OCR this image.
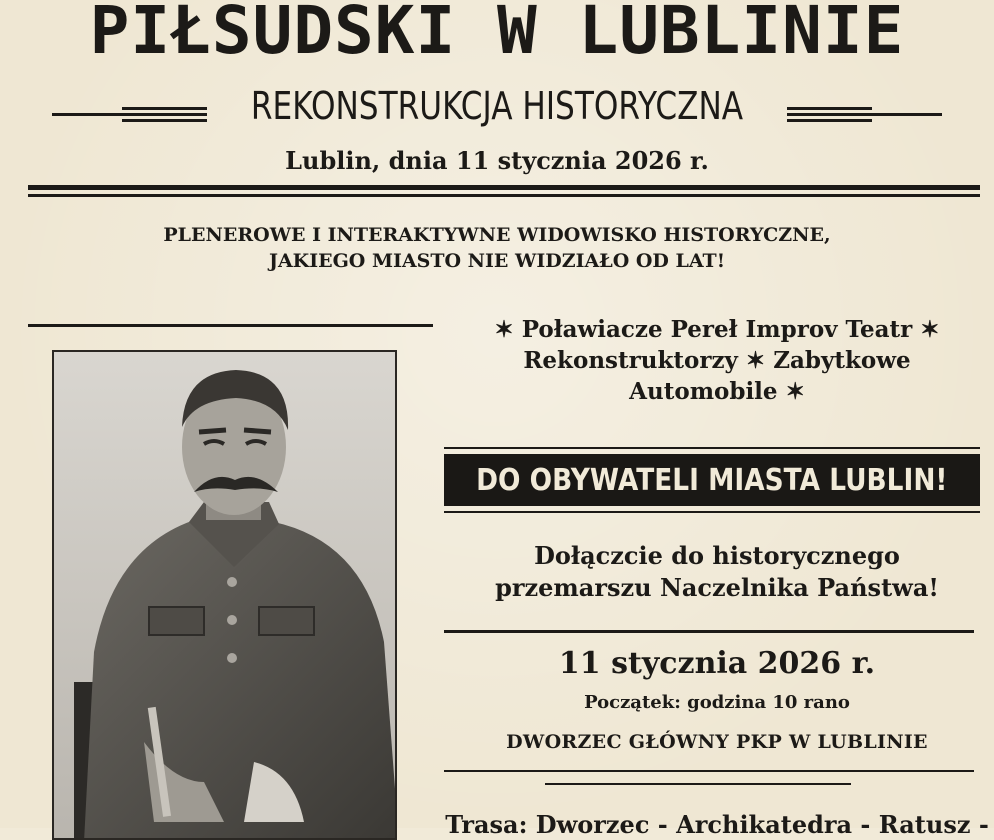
PIŁSUDSKI W LUBLINIE
REKONSTRUKCJA HISTORYCZNA
Lublin, dnia 11 stycznia 2026 r.
PLENEROWE I INTERAKTYWNE WIDOWISKO HISTORYCZNE,
JAKIEGO MIASTO NIE WIDZIAŁO OD LAT!
✶ Poławiacze Pereł Improv Teatr ✶
Rekonstruktorzy ✶ Zabytkowe
Automobile ✶
DO OBYWATELI MIASTA LUBLIN!
Dołączcie do historycznego
przemarszu Naczelnika Państwa!
11 stycznia 2026 r.
Początek: godzina 10 rano
DWORZEC GŁÓWNY PKP W LUBLINIE
Trasa: Dworzec - Archikatedra - Ratusz -
